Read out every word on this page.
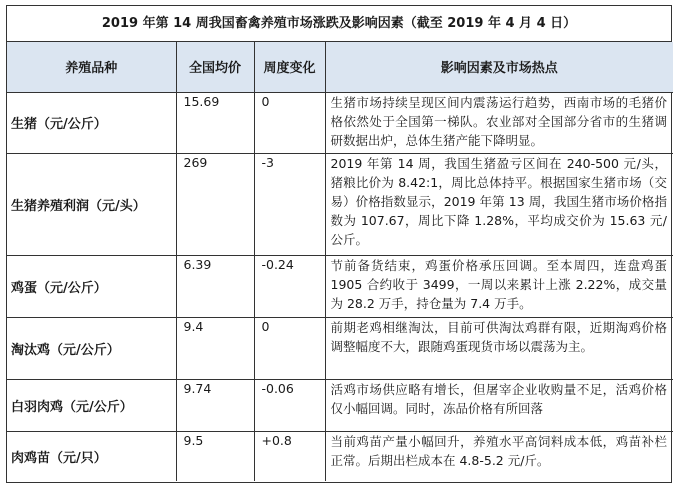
2019 年第 14 周我国畜禽养殖市场涨跌及影响因素（截至 2019 年 4 月 4 日）
养殖品种	全国均价	周度变化	影响因素及市场热点
生猪（元/公斤）	15.69	0	生猪市场持续呈现区间内震荡运行趋势，西南市场的毛猪价格依然处于全国第一梯队。农业部对全国部分省市的生猪调研数据出炉，总体生猪产能下降明显。
生猪养殖利润（元/头）	269	-3	2019 年第 14 周，我国生猪盈亏区间在 240-500 元/头，猪粮比价为 8.42:1，周比总体持平。根据国家生猪市场（交易）价格指数显示，2019 年第 13 周，我国生猪市场价格指数为 107.67，周比下降 1.28%，平均成交价为 15.63 元/公斤。
鸡蛋（元/公斤）	6.39	-0.24	节前备货结束，鸡蛋价格承压回调。至本周四，连盘鸡蛋 1905 合约收于 3499，一周以来累计上涨 2.22%，成交量为 28.2 万手，持仓量为 7.4 万手。
淘汰鸡（元/公斤）	9.4	0	前期老鸡相继淘汰，目前可供淘汰鸡群有限，近期淘鸡价格调整幅度不大，跟随鸡蛋现货市场以震荡为主。
白羽肉鸡（元/公斤）	9.74	-0.06	活鸡市场供应略有增长，但屠宰企业收购量不足，活鸡价格仅小幅回调。同时，冻品价格有所回落
肉鸡苗（元/只）	9.5	+0.8	当前鸡苗产量小幅回升，养殖水平高饲料成本低，鸡苗补栏正常。后期出栏成本在 4.8-5.2 元/斤。
